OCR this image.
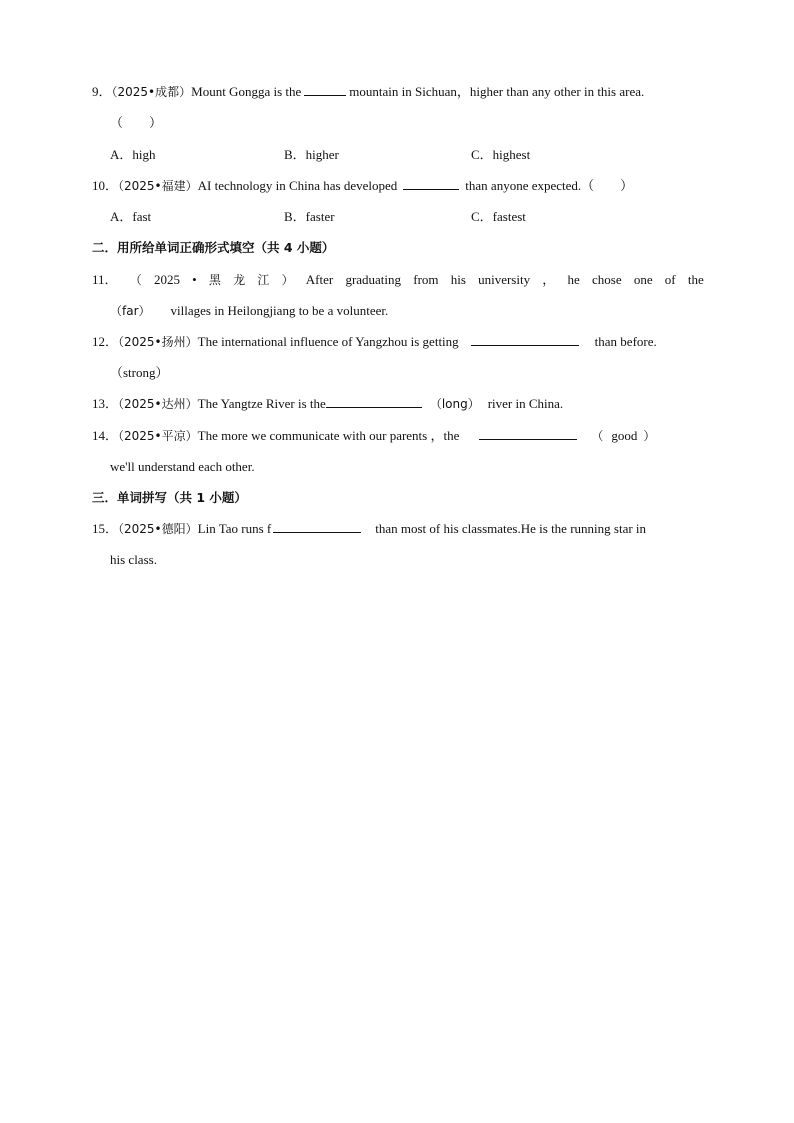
9．（2025•成都）Mount Gongga is the	mountain in Sichuan，higher than any other in this area.
（　　）
A．high	B．higher	C．highest
10．（2025•福建）AI technology in China has developed	than anyone expected.（　　）
A．fast	B．faster	C．fastest
二．用所给单词正确形式填空（共 4 小题）
11． （ 2025 • 黑 龙 江 ） After graduating from his university ， he chose one of the
（far） villages in Heilongjiang to be a volunteer.
12．（2025•扬州）The international influence of Yangzhou is getting	than before.
（strong）
13．（2025•达州）The Yangtze River is the	（long） river in China.
14．（2025•平凉）The more we communicate with our parents ，the	（ good ）
we'll understand each other.
三．单词拼写（共 1 小题）
15．（2025•德阳）Lin Tao runs f	than most of his classmates.He is the running star in
his class.
